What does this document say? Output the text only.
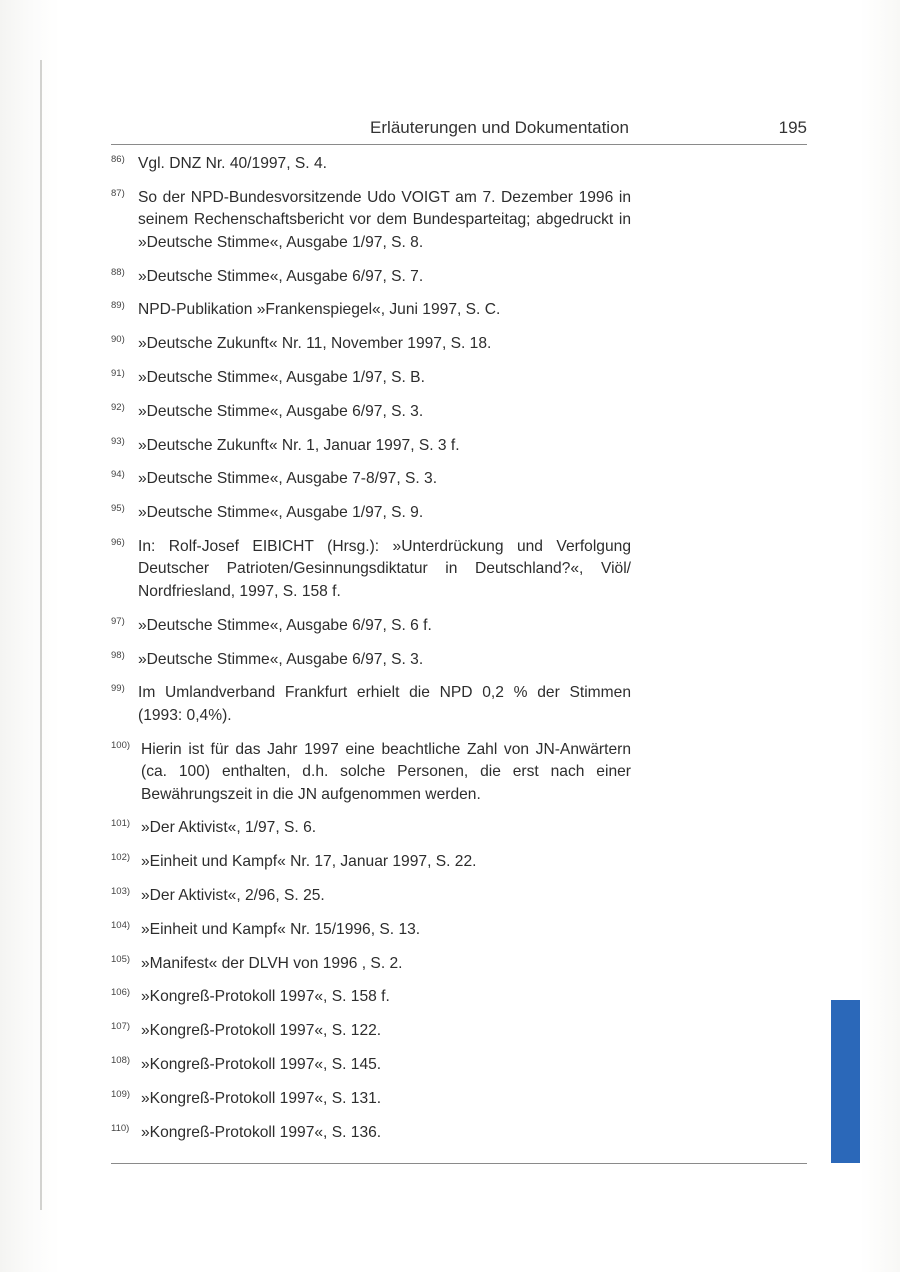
Erläuterungen und Dokumentation	195
86) Vgl. DNZ Nr. 40/1997, S. 4.
87) So der NPD-Bundesvorsitzende Udo VOIGT am 7. Dezember 1996 in seinem Rechenschaftsbericht vor dem Bundesparteitag; abgedruckt in »Deutsche Stimme«, Ausgabe 1/97, S. 8.
88) »Deutsche Stimme«, Ausgabe 6/97, S. 7.
89) NPD-Publikation »Frankenspiegel«, Juni 1997, S. C.
90) »Deutsche Zukunft« Nr. 11, November 1997, S. 18.
91) »Deutsche Stimme«, Ausgabe 1/97, S. B.
92) »Deutsche Stimme«, Ausgabe 6/97, S. 3.
93) »Deutsche Zukunft« Nr. 1, Januar 1997, S. 3 f.
94) »Deutsche Stimme«, Ausgabe 7-8/97, S. 3.
95) »Deutsche Stimme«, Ausgabe 1/97, S. 9.
96) In: Rolf-Josef EIBICHT (Hrsg.): »Unterdrückung und Verfolgung Deutscher Patrioten/Gesinnungsdiktatur in Deutschland?«, Viöl/ Nordfriesland, 1997, S. 158 f.
97) »Deutsche Stimme«, Ausgabe 6/97, S. 6 f.
98) »Deutsche Stimme«, Ausgabe 6/97, S. 3.
99) Im Umlandverband Frankfurt erhielt die NPD 0,2 % der Stimmen (1993: 0,4%).
100) Hierin ist für das Jahr 1997 eine beachtliche Zahl von JN-Anwärtern (ca. 100) enthalten, d.h. solche Personen, die erst nach einer Bewährungszeit in die JN aufgenommen werden.
101) »Der Aktivist«, 1/97, S. 6.
102) »Einheit und Kampf« Nr. 17, Januar 1997, S. 22.
103) »Der Aktivist«, 2/96, S. 25.
104) »Einheit und Kampf« Nr. 15/1996, S. 13.
105) »Manifest« der DLVH von 1996 , S. 2.
106) »Kongreß-Protokoll 1997«, S. 158 f.
107) »Kongreß-Protokoll 1997«, S. 122.
108) »Kongreß-Protokoll 1997«, S. 145.
109) »Kongreß-Protokoll 1997«, S. 131.
110) »Kongreß-Protokoll 1997«, S. 136.
